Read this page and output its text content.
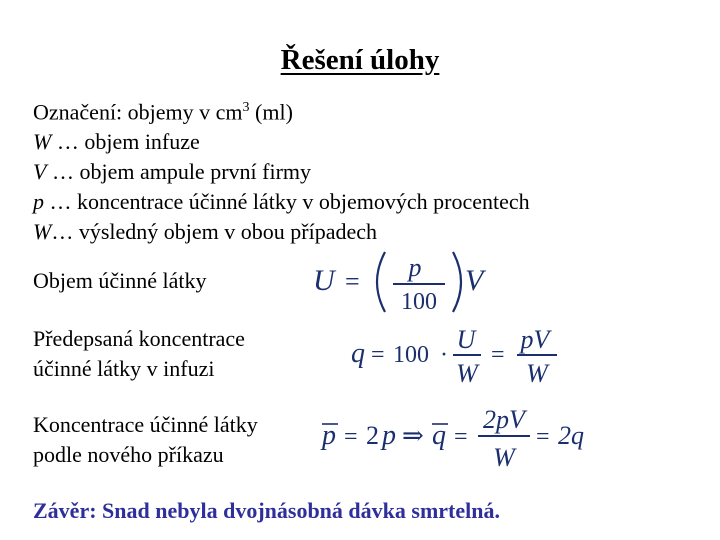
Řešení úlohy
Označení: objemy v $cm^3$ (ml)
W … objem infuze
V … objem ampule první firmy
p … koncentrace účinné látky v objemových procentech
W… výsledný objem v obou případech
Objem účinné látky
Předepsaná koncentrace
účinné látky v infuzi
Koncentrace účinné látky
podle nového příkazu
U = p
100
V
q = 100 ·
U
W
=
pV
W
p = 2 p ⇒ q =
2pV
W
= 2q
Závěr: Snad nebyla dvojnásobná dávka smrtelná.
